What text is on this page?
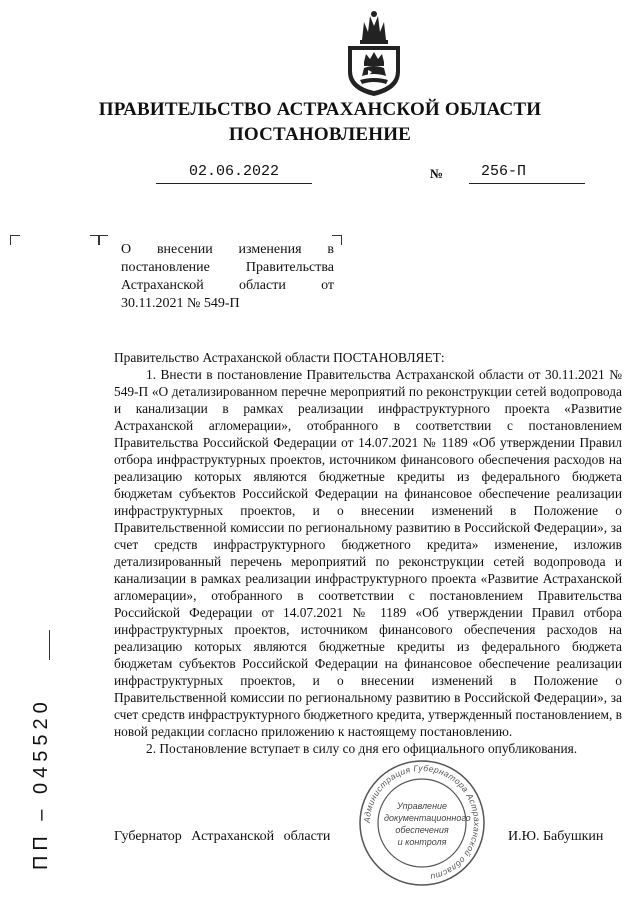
ПРАВИТЕЛЬСТВО АСТРАХАНСКОЙ ОБЛАСТИ
ПОСТАНОВЛЕНИЕ
02.06.2022	№	256-П
О внесении изменения в постановление Правительства Астраханской области от 30.11.2021 № 549-П

Правительство Астраханской области ПОСТАНОВЛЯЕТ:

1. Внести в постановление Правительства Астраханской области от 30.11.2021 № 549-П «О детализированном перечне мероприятий по реконструкции сетей водопровода и канализации в рамках реализации инфраструктурного проекта «Развитие Астраханской агломерации», отобранного в соответствии с постановлением Правительства Российской Федерации от 14.07.2021 № 1189 «Об утверждении Правил отбора инфраструктурных проектов, источником финансового обеспечения расходов на реализацию которых являются бюджетные кредиты из федерального бюджета бюджетам субъектов Российской Федерации на финансовое обеспечение реализации инфраструктурных проектов, и о внесении изменений в Положение о Правительственной комиссии по региональному развитию в Российской Федерации», за счет средств инфраструктурного бюджетного кредита» изменение, изложив детализированный перечень мероприятий по реконструкции сетей водопровода и канализации в рамках реализации инфраструктурного проекта «Развитие Астраханской агломерации», отобранного в соответствии с постановлением Правительства Российской Федерации от 14.07.2021 № 1189 «Об утверждении Правил отбора инфраструктурных проектов, источником финансового обеспечения расходов на реализацию которых являются бюджетные кредиты из федерального бюджета бюджетам субъектов Российской Федерации на финансовое обеспечение реализации инфраструктурных проектов, и о внесении изменений в Положение о Правительственной комиссии по региональному развитию в Российской Федерации», за счет средств инфраструктурного бюджетного кредита, утвержденный постановлением, в новой редакции согласно приложению к настоящему постановлению.

2. Постановление вступает в силу со дня его официального опубликования.

Губернатор Астраханской области	И.Ю. Бабушкин
Администрация Губернатора Астраханской области
Управление
документационного
обеспечения
и контроля
ПП – 045520
